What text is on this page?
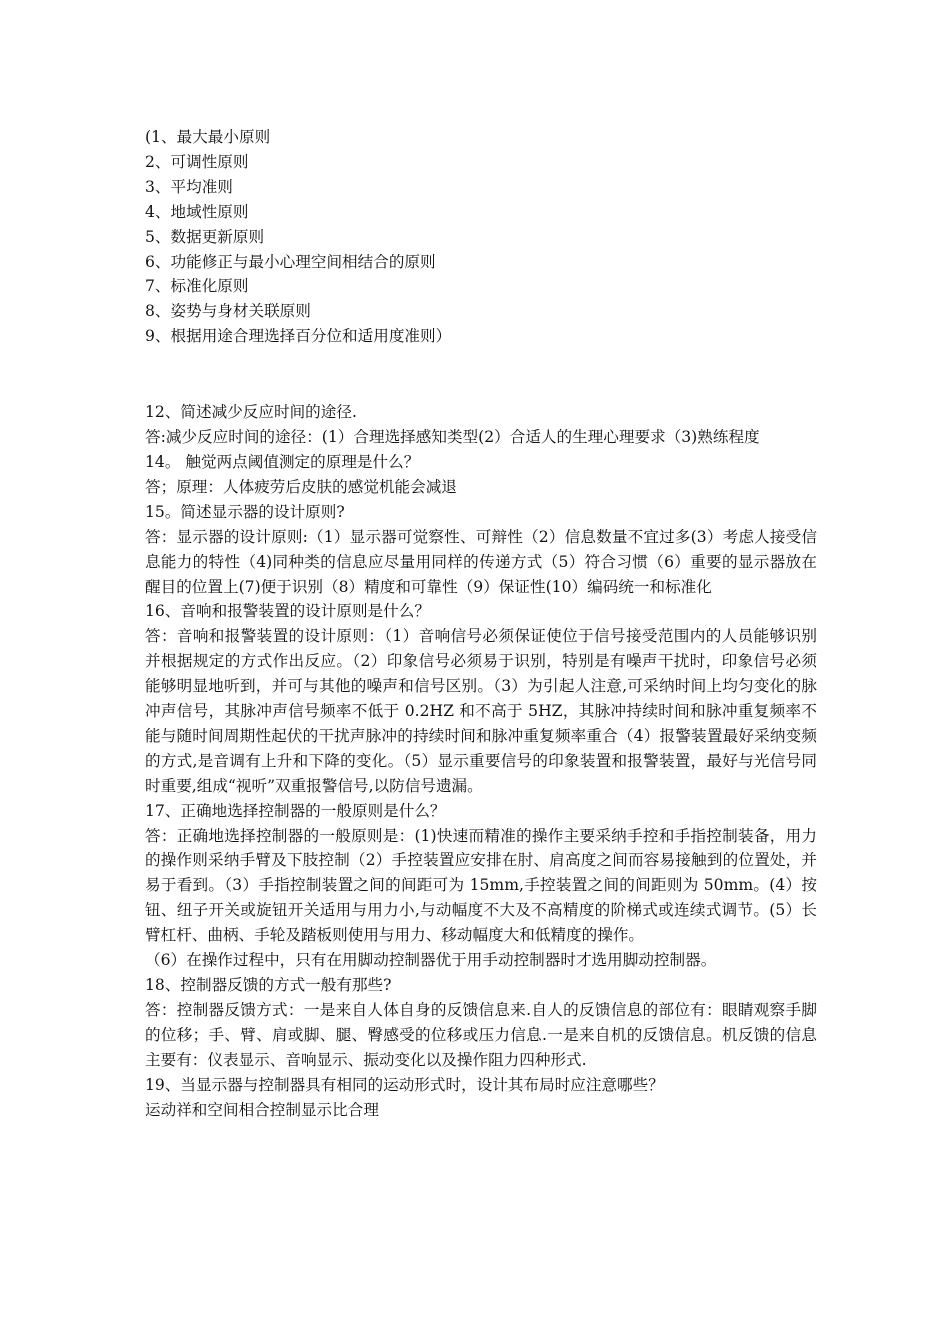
(1、最大最小原则
2、可调性原则
3、平均准则
4、地域性原则
5、数据更新原则
6、功能修正与最小心理空间相结合的原则
7、标准化原则
8、姿势与身材关联原则
9、根据用途合理选择百分位和适用度准则）
12、简述减少反应时间的途径.
答:减少反应时间的途径：(1）合理选择感知类型(2）合适人的生理心理要求（3)熟练程度
14。 触觉两点阈值测定的原理是什么？
答；原理：人体疲劳后皮肤的感觉机能会减退
15。简述显示器的设计原则?
答：显示器的设计原则:（1）显示器可觉察性、可辩性（2）信息数量不宜过多(3）考虑人接受信息能力的特性（4)同种类的信息应尽量用同样的传递方式（5）符合习惯（6）重要的显示器放在醒目的位置上(7)便于识别（8）精度和可靠性（9）保证性(10）编码统一和标准化
16、音响和报警装置的设计原则是什么？
答：音响和报警装置的设计原则：（1）音响信号必须保证使位于信号接受范围内的人员能够识别并根据规定的方式作出反应。（2）印象信号必须易于识别，特别是有噪声干扰时，印象信号必须能够明显地听到，并可与其他的噪声和信号区别。（3）为引起人注意,可采纳时间上均匀变化的脉冲声信号，其脉冲声信号频率不低于 0.2HZ 和不高于 5HZ，其脉冲持续时间和脉冲重复频率不能与随时间周期性起伏的干扰声脉冲的持续时间和脉冲重复频率重合（4）报警装置最好采纳变频的方式,是音调有上升和下降的变化。（5）显示重要信号的印象装置和报警装置，最好与光信号同时重要,组成“视听”双重报警信号,以防信号遗漏。
17、正确地选择控制器的一般原则是什么？
答：正确地选择控制器的一般原则是：(1)快速而精准的操作主要采纳手控和手指控制装备，用力的操作则采纳手臂及下肢控制（2）手控装置应安排在肘、肩高度之间而容易接触到的位置处，并易于看到。（3）手指控制装置之间的间距可为 15mm,手控装置之间的间距则为 50mm。(4）按钮、纽子开关或旋钮开关适用与用力小,与动幅度不大及不高精度的阶梯式或连续式调节。(5）长臂杠杆、曲柄、手轮及踏板则使用与用力、移动幅度大和低精度的操作。
（6）在操作过程中，只有在用脚动控制器优于用手动控制器时才选用脚动控制器。
18、控制器反馈的方式一般有那些?
答：控制器反馈方式：一是来自人体自身的反馈信息来.自人的反馈信息的部位有：眼睛观察手脚的位移；手、臂、肩或脚、腿、臀感受的位移或压力信息.一是来自机的反馈信息。机反馈的信息主要有：仪表显示、音响显示、振动变化以及操作阻力四种形式.
19、当显示器与控制器具有相同的运动形式时，设计其布局时应注意哪些？
运动祥和空间相合控制显示比合理
